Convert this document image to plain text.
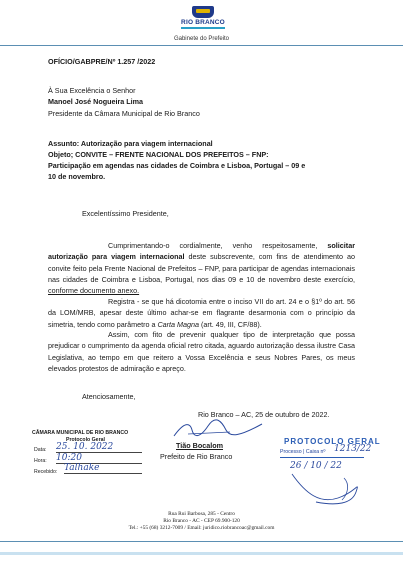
RIO BRANCO
Gabinete do Prefeito
OFÍCIO/GABPRE/Nº 1.257 /2022
À Sua Excelência o Senhor
Manoel José Nogueira Lima
Presidente da Câmara Municipal de Rio Branco
Assunto: Autorização para viagem internacional
Objeto; CONVITE – FRENTE NACIONAL DOS PREFEITOS – FNP:
Participação em agendas nas cidades de Coimbra e Lisboa, Portugal – 09 e
10 de novembro.
Excelentíssimo Presidente,
Cumprimentando-o cordialmente, venho respeitosamente, solicitar autorização para viagem internacional deste subscrevente, com fins de atendimento ao convite feito pela Frente Nacional de Prefeitos – FNP, para participar de agendas internacionais nas cidades de Coimbra e Lisboa, Portugal, nos dias 09 e 10 de novembro deste exercício, conforme documento anexo.
Registra - se que há dicotomia entre o inciso VII do art. 24 e o §1º do art. 56 da LOM/MRB, apesar deste último achar-se em flagrante desarmonia com o princípio da simetria, tendo como parâmetro a Carta Magna (art. 49, III, CF/88).
Assim, com fito de prevenir qualquer tipo de interpretação que possa prejudicar o cumprimento da agenda oficial retro citada, aguardo autorização dessa ilustre Casa Legislativa, ao tempo em que reitero a Vossa Excelência e seus Nobres Pares, os meus elevados protestos de admiração e apreço.
Atenciosamente,
Rio Branco – AC, 25 de outubro de 2022.
Tião Bocalom
Prefeito de Rio Branco
CÂMARA MUNICIPAL DE RIO BRANCO
Protocolo Geral
Data: 25. 10. 2022
Hora: 10:20
Recebido: Talhake
PROTOCOLO GERAL
Processo | Caixa nº 1213/22
26 / 10 / 22
Rua Rui Barbosa, 285 - Centro
Rio Branco - AC - CEP 69.900-120
Tel.: +55 (68) 3212-7009 / Email: juridico.riobrancoac@gmail.com
